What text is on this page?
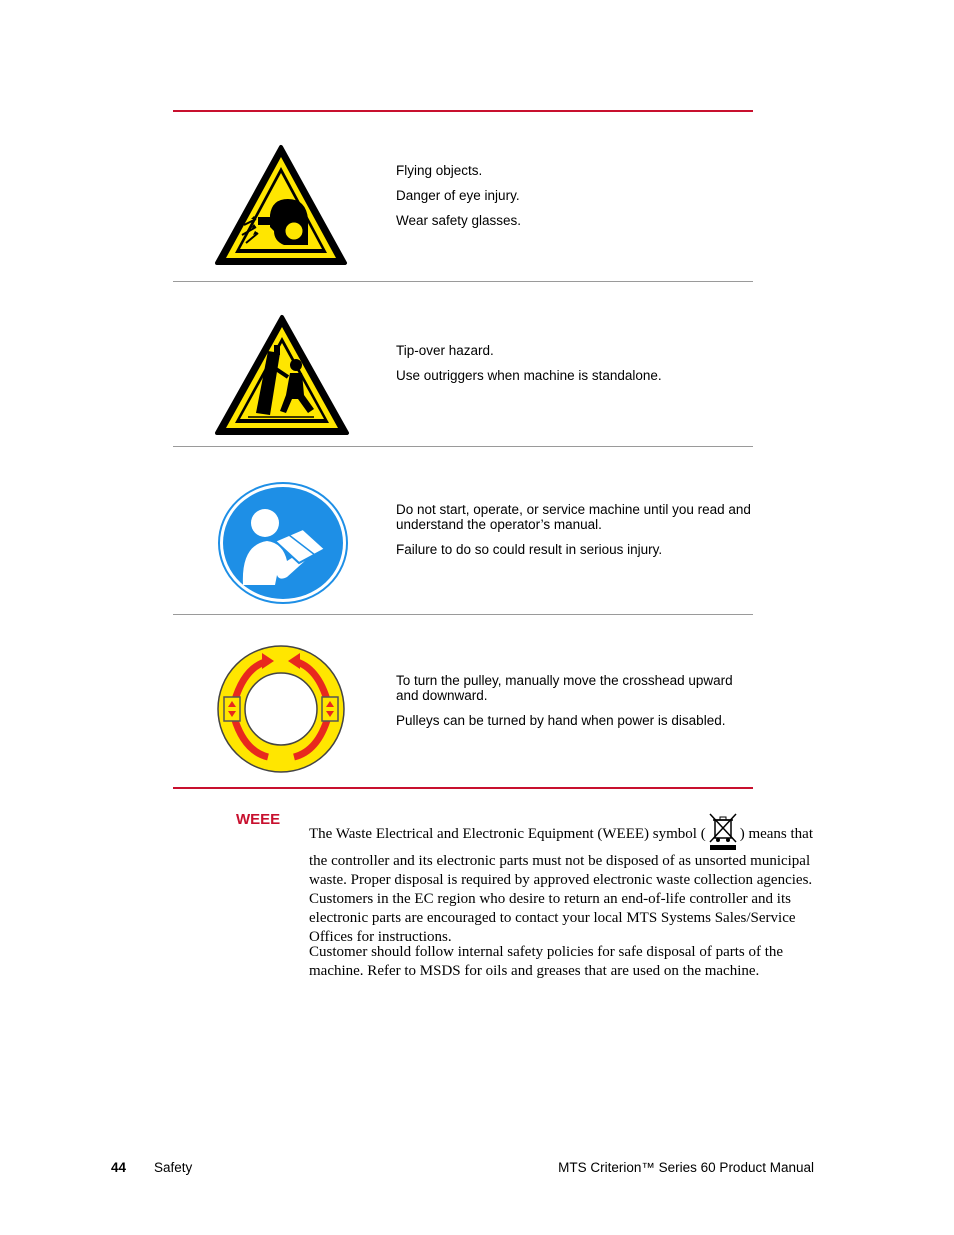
Flying objects.

Danger of eye injury.

Wear safety glasses.

Tip-over hazard.

Use outriggers when machine is standalone.

Do not start, operate, or service machine until you read and understand the operator’s manual.

Failure to do so could result in serious injury.

To turn the pulley, manually move the crosshead upward and downward.

Pulleys can be turned by hand when power is disabled.

WEEE

The Waste Electrical and Electronic Equipment (WEEE) symbol ( ) means that the controller and its electronic parts must not be disposed of as unsorted municipal waste. Proper disposal is required by approved electronic waste collection agencies. Customers in the EC region who desire to return an end-of-life controller and its electronic parts are encouraged to contact your local MTS Systems Sales/Service Offices for instructions.

Customer should follow internal safety policies for safe disposal of parts of the machine. Refer to MSDS for oils and greases that are used on the machine.

44 Safety	MTS Criterion™ Series 60 Product Manual
